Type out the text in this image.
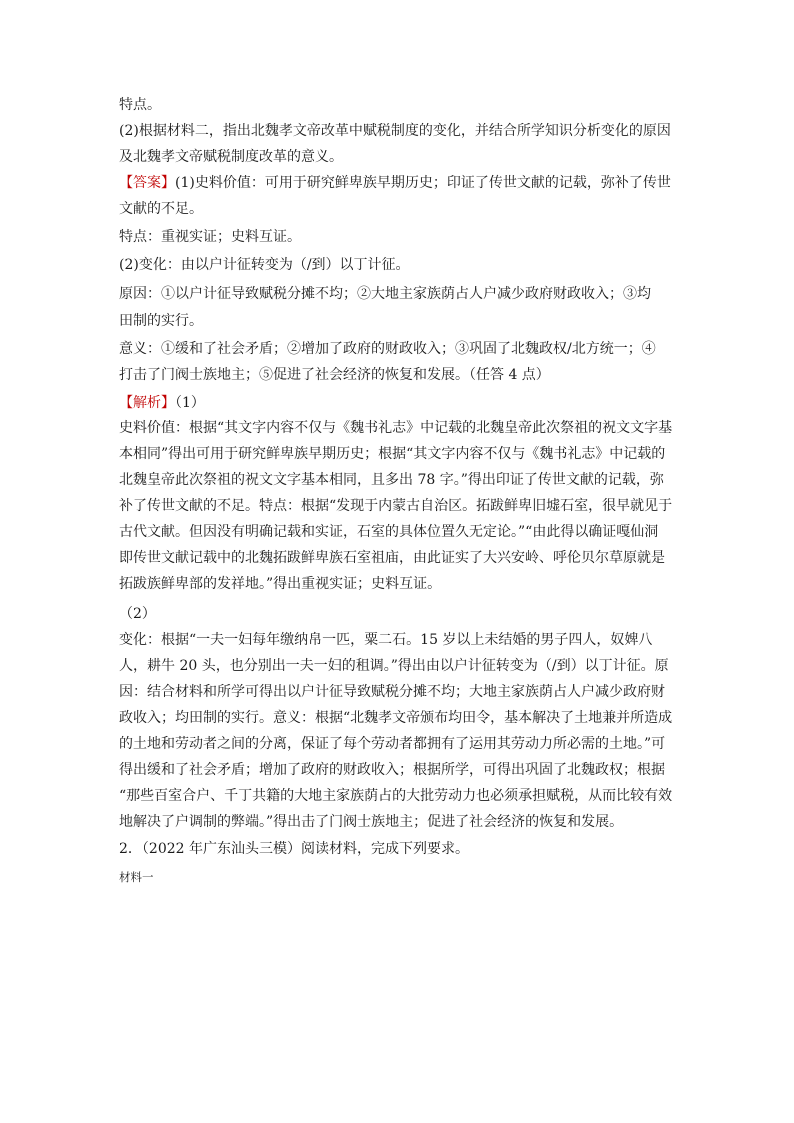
特点。
(2)根据材料二，指出北魏孝文帝改革中赋税制度的变化，并结合所学知识分析变化的原因
及北魏孝文帝赋税制度改革的意义。
【答案】(1)史料价值：可用于研究鲜卑族早期历史；印证了传世文献的记载，弥补了传世
文献的不足。
特点：重视实证；史料互证。
(2)变化：由以户计征转变为（/到）以丁计征。
原因：①以户计征导致赋税分摊不均；②大地主家族荫占人户减少政府财政收入；③均
田制的实行。
意义：①缓和了社会矛盾；②增加了政府的财政收入；③巩固了北魏政权/北方统一；④
打击了门阀士族地主；⑤促进了社会经济的恢复和发展。（任答 4 点）
【解析】（1）
史料价值：根据“其文字内容不仅与《魏书礼志》中记载的北魏皇帝此次祭祖的祝文文字基
本相同”得出可用于研究鲜卑族早期历史；根据“其文字内容不仅与《魏书礼志》中记载的
北魏皇帝此次祭祖的祝文文字基本相同，且多出 78 字。”得出印证了传世文献的记载，弥
补了传世文献的不足。特点：根据“发现于内蒙古自治区。拓跋鲜卑旧墟石室，很早就见于
古代文献。但因没有明确记载和实证，石室的具体位置久无定论。”“由此得以确证嘎仙洞
即传世文献记载中的北魏拓跋鲜卑族石室祖庙，由此证实了大兴安岭、呼伦贝尔草原就是
拓跋族鲜卑部的发祥地。”得出重视实证；史料互证。
（2）
变化：根据“一夫一妇每年缴纳帛一匹，粟二石。15 岁以上未结婚的男子四人，奴婢八
人，耕牛 20 头，也分别出一夫一妇的租调。”得出由以户计征转变为（/到）以丁计征。原
因：结合材料和所学可得出以户计征导致赋税分摊不均；大地主家族荫占人户减少政府财
政收入；均田制的实行。意义：根据“北魏孝文帝颁布均田令，基本解决了土地兼并所造成
的土地和劳动者之间的分离，保证了每个劳动者都拥有了运用其劳动力所必需的土地。”可
得出缓和了社会矛盾；增加了政府的财政收入；根据所学，可得出巩固了北魏政权；根据
“那些百室合户、千丁共籍的大地主家族荫占的大批劳动力也必须承担赋税，从而比较有效
地解决了户调制的弊端。”得出击了门阀士族地主；促进了社会经济的恢复和发展。
2．（2022 年广东汕头三模）阅读材料，完成下列要求。
材料一
